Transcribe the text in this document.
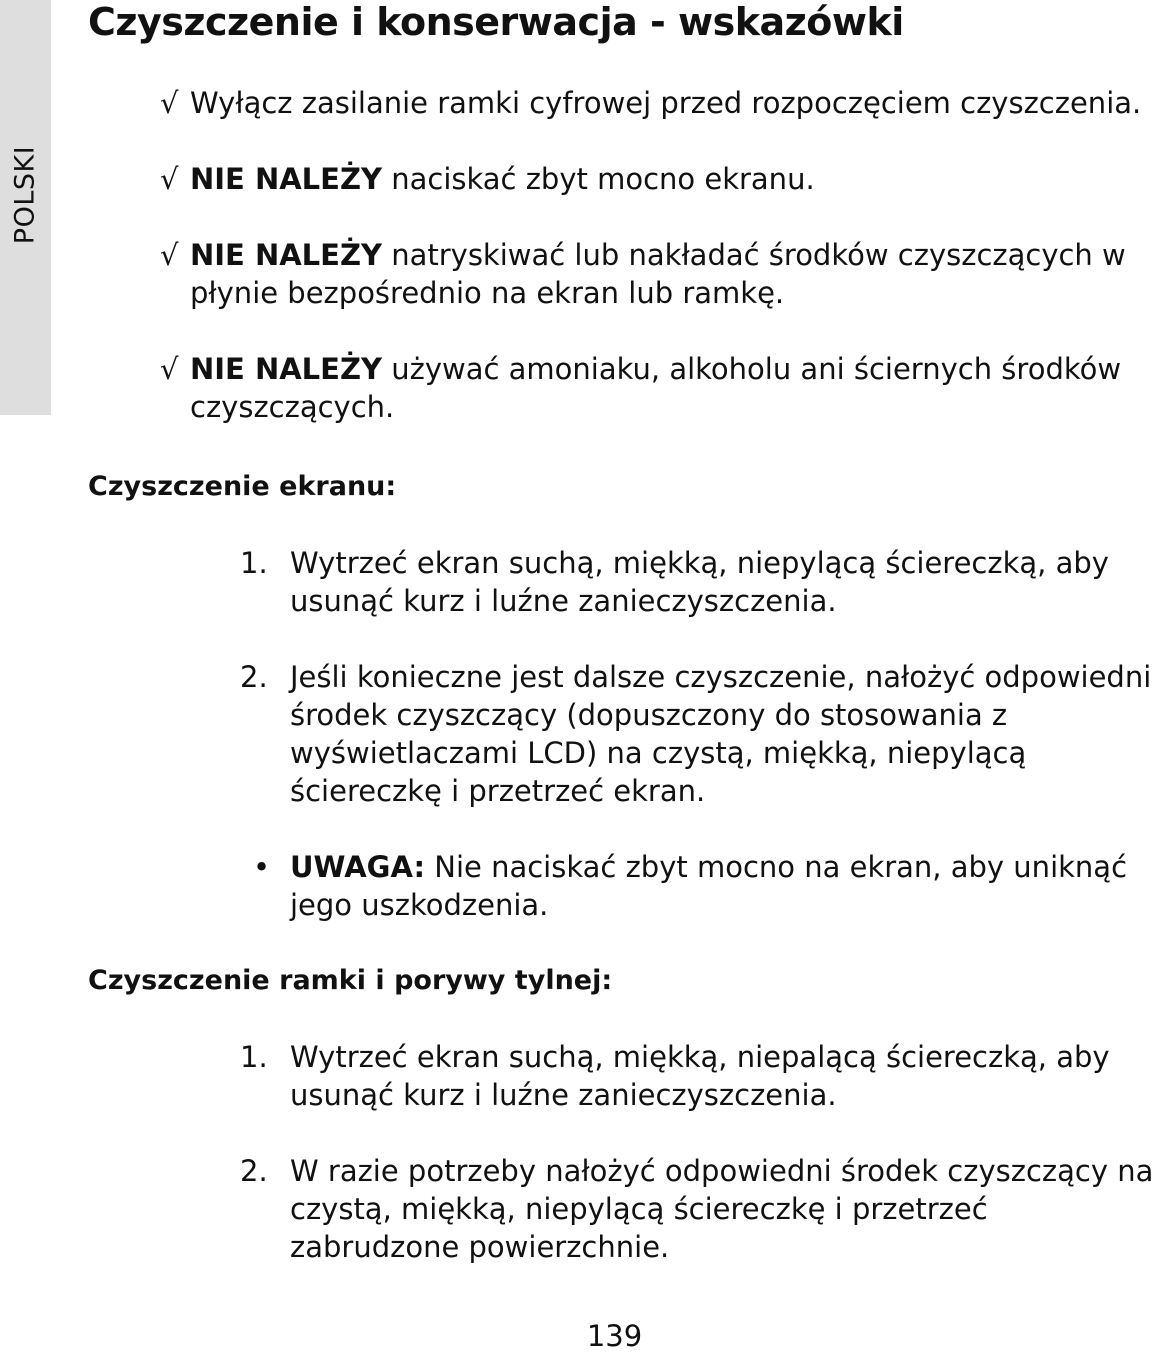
POLSKI
Czyszczenie i konserwacja - wskazówki
√ Wyłącz zasilanie ramki cyfrowej przed rozpoczęciem czyszczenia.
√ NIE NALEŻY naciskać zbyt mocno ekranu.
√ NIE NALEŻY natryskiwać lub nakładać środków czyszczących w płynie bezpośrednio na ekran lub ramkę.
√ NIE NALEŻY używać amoniaku, alkoholu ani ściernych środków czyszczących.
Czyszczenie ekranu:
1. Wytrzeć ekran suchą, miękką, niepylącą ściereczką, aby usunąć kurz i luźne zanieczyszczenia.
2. Jeśli konieczne jest dalsze czyszczenie, nałożyć odpowiedni środek czyszczący (dopuszczony do stosowania z wyświetlaczami LCD) na czystą, miękką, niepylącą ściereczkę i przetrzeć ekran.
• UWAGA: Nie naciskać zbyt mocno na ekran, aby uniknąć jego uszkodzenia.
Czyszczenie ramki i porywy tylnej:
1. Wytrzeć ekran suchą, miękką, niepalącą ściereczką, aby usunąć kurz i luźne zanieczyszczenia.
2. W razie potrzeby nałożyć odpowiedni środek czyszczący na czystą, miękką, niepylącą ściereczkę i przetrzeć zabrudzone powierzchnie.
139
